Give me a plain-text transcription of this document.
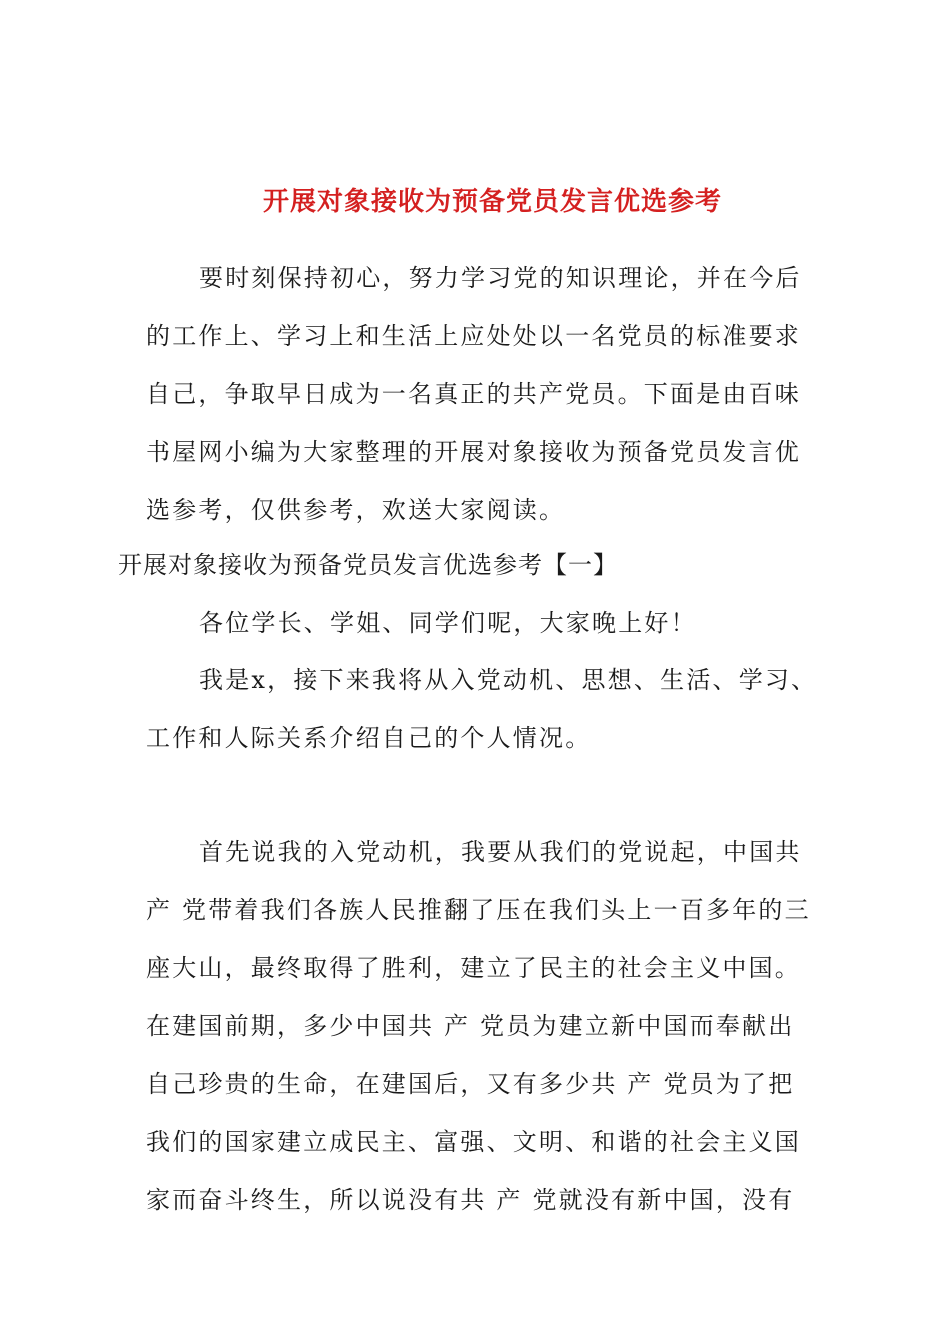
开展对象接收为预备党员发言优选参考

要时刻保持初心，努力学习党的知识理论，并在今后

的工作上、学习上和生活上应处处以一名党员的标准要求

自己，争取早日成为一名真正的共产党员。下面是由百味

书屋网小编为大家整理的开展对象接收为预备党员发言优

选参考，仅供参考，欢送大家阅读。

开展对象接收为预备党员发言优选参考【一】

各位学长、学姐、同学们呢，大家晚上好！

我是x，接下来我将从入党动机、思想、生活、学习、

工作和人际关系介绍自己的个人情况。

首先说我的入党动机，我要从我们的党说起，中国共

产 党带着我们各族人民推翻了压在我们头上一百多年的三

座大山，最终取得了胜利，建立了民主的社会主义中国。

在建国前期，多少中国共 产 党员为建立新中国而奉献出

自己珍贵的生命，在建国后，又有多少共 产 党员为了把

我们的国家建立成民主、富强、文明、和谐的社会主义国

家而奋斗终生，所以说没有共 产 党就没有新中国，没有
